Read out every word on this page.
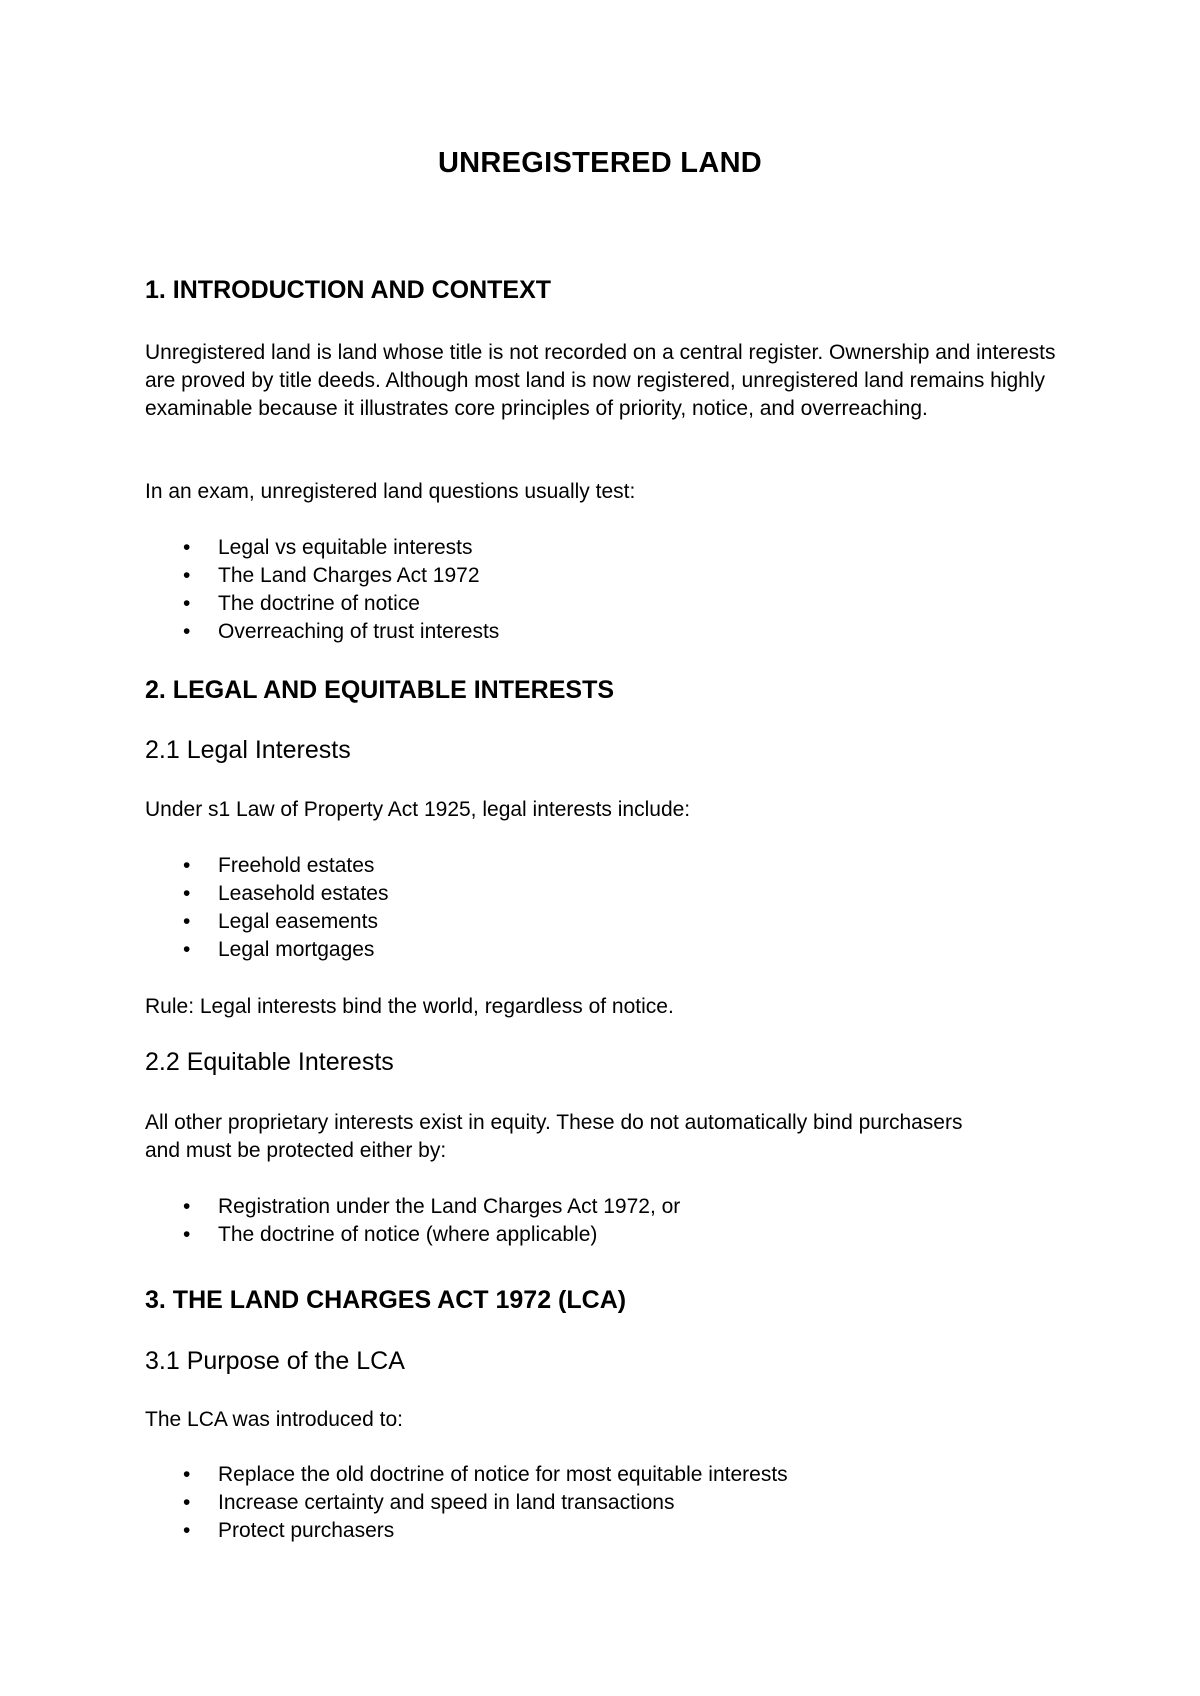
UNREGISTERED LAND
1. INTRODUCTION AND CONTEXT
Unregistered land is land whose title is not recorded on a central register. Ownership and interests are proved by title deeds. Although most land is now registered, unregistered land remains highly examinable because it illustrates core principles of priority, notice, and overreaching.
In an exam, unregistered land questions usually test:
• Legal vs equitable interests
• The Land Charges Act 1972
• The doctrine of notice
• Overreaching of trust interests
2. LEGAL AND EQUITABLE INTERESTS
2.1 Legal Interests
Under s1 Law of Property Act 1925, legal interests include:
• Freehold estates
• Leasehold estates
• Legal easements
• Legal mortgages
Rule: Legal interests bind the world, regardless of notice.
2.2 Equitable Interests
All other proprietary interests exist in equity. These do not automatically bind purchasers and must be protected either by:
• Registration under the Land Charges Act 1972, or
• The doctrine of notice (where applicable)
3. THE LAND CHARGES ACT 1972 (LCA)
3.1 Purpose of the LCA
The LCA was introduced to:
• Replace the old doctrine of notice for most equitable interests
• Increase certainty and speed in land transactions
• Protect purchasers
